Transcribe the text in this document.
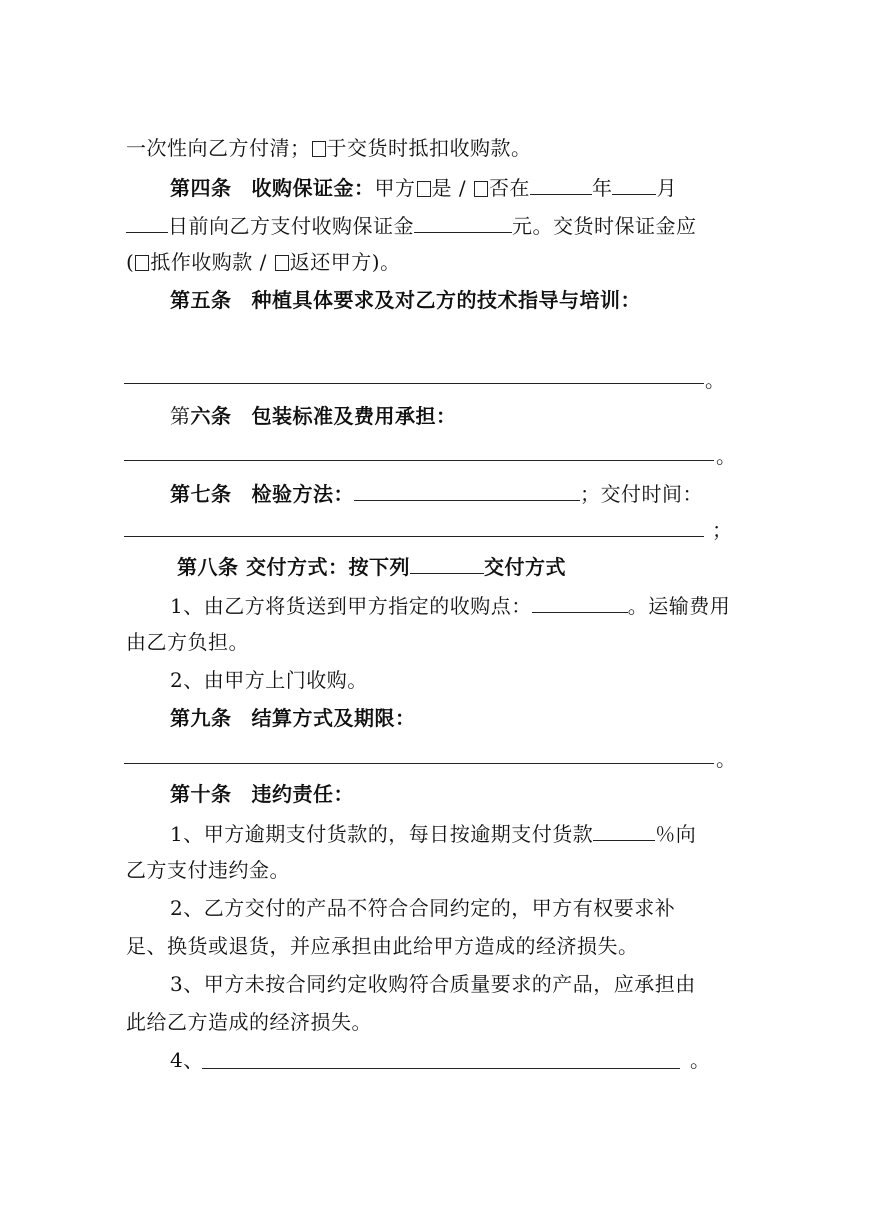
一次性向乙方付清； 于交货时抵扣收购款。
第四条 收购保证金：甲方 是 / 否在	年 月
日前向乙方支付收购保证金	元。交货时保证金应
( 抵作收购款 / 返还甲方)。
第五条 种植具体要求及对乙方的技术指导与培训：
。
第六条 包装标准及费用承担：
。
第七条 检验方法：	；交付时间：
；
第八条 交付方式：按下列	交付方式
1、由乙方将货送到甲方指定的收购点：	。运输费用
由乙方负担。
2、由甲方上门收购。
第九条 结算方式及期限：
。
第十条 违约责任：
1、甲方逾期支付货款的，每日按逾期支付货款	％向
乙方支付违约金。
2、乙方交付的产品不符合合同约定的，甲方有权要求补
足、换货或退货，并应承担由此给甲方造成的经济损失。
3、甲方未按合同约定收购符合质量要求的产品，应承担由
此给乙方造成的经济损失。
4、	。
